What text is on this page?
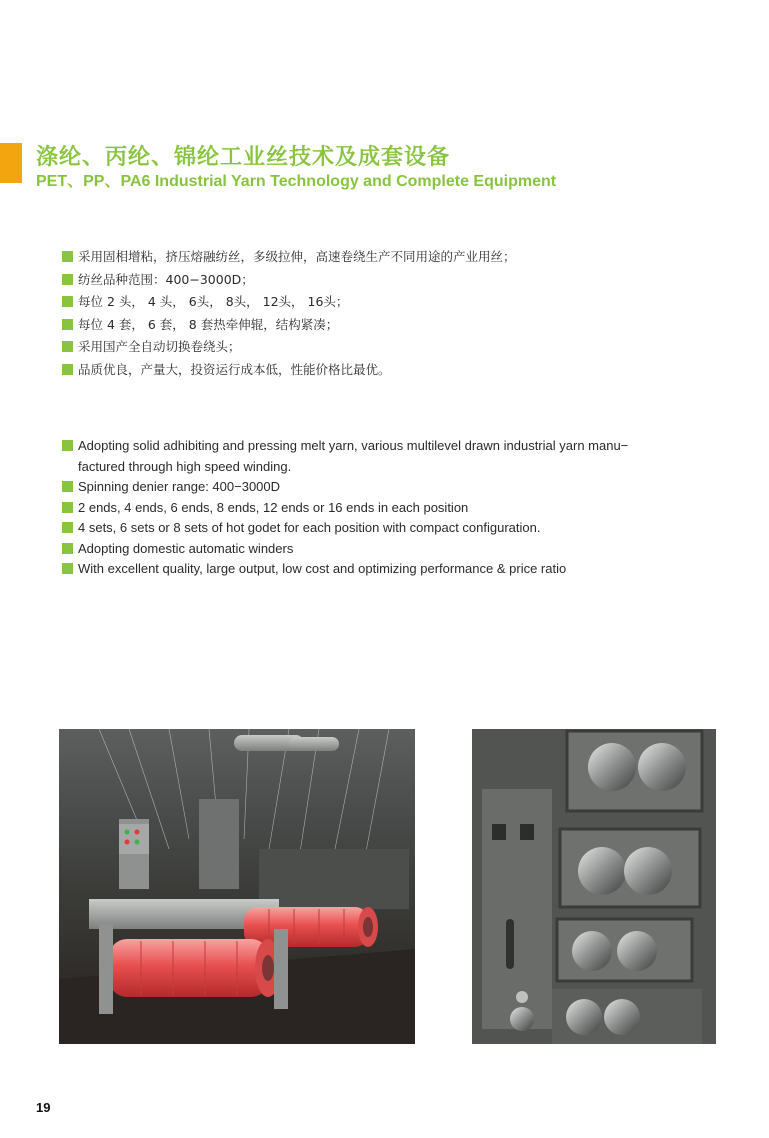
涤纶、丙纶、锦纶工业丝技术及成套设备
PET、PP、PA6 Industrial Yarn Technology and Complete Equipment
采用固相增粘，挤压熔融纺丝，多级拉伸，高速卷绕生产不同用途的产业用丝；
纺丝品种范围：400−3000D；
每位 2 头， 4 头， 6头， 8头， 12头， 16头；
每位 4 套， 6 套， 8 套热牵伸辊，结构紧凑；
采用国产全自动切换卷绕头；
品质优良，产量大，投资运行成本低，性能价格比最优。
Adopting solid adhibiting and pressing melt yarn, various multilevel drawn industrial yarn manu−
factured through high speed winding.
Spinning denier range: 400−3000D
2 ends, 4 ends, 6 ends, 8 ends, 12 ends or 16 ends in each position
4 sets, 6 sets or 8 sets of hot godet for each position with compact configuration.
Adopting domestic automatic winders
With excellent quality, large output, low cost and optimizing performance & price ratio
19
